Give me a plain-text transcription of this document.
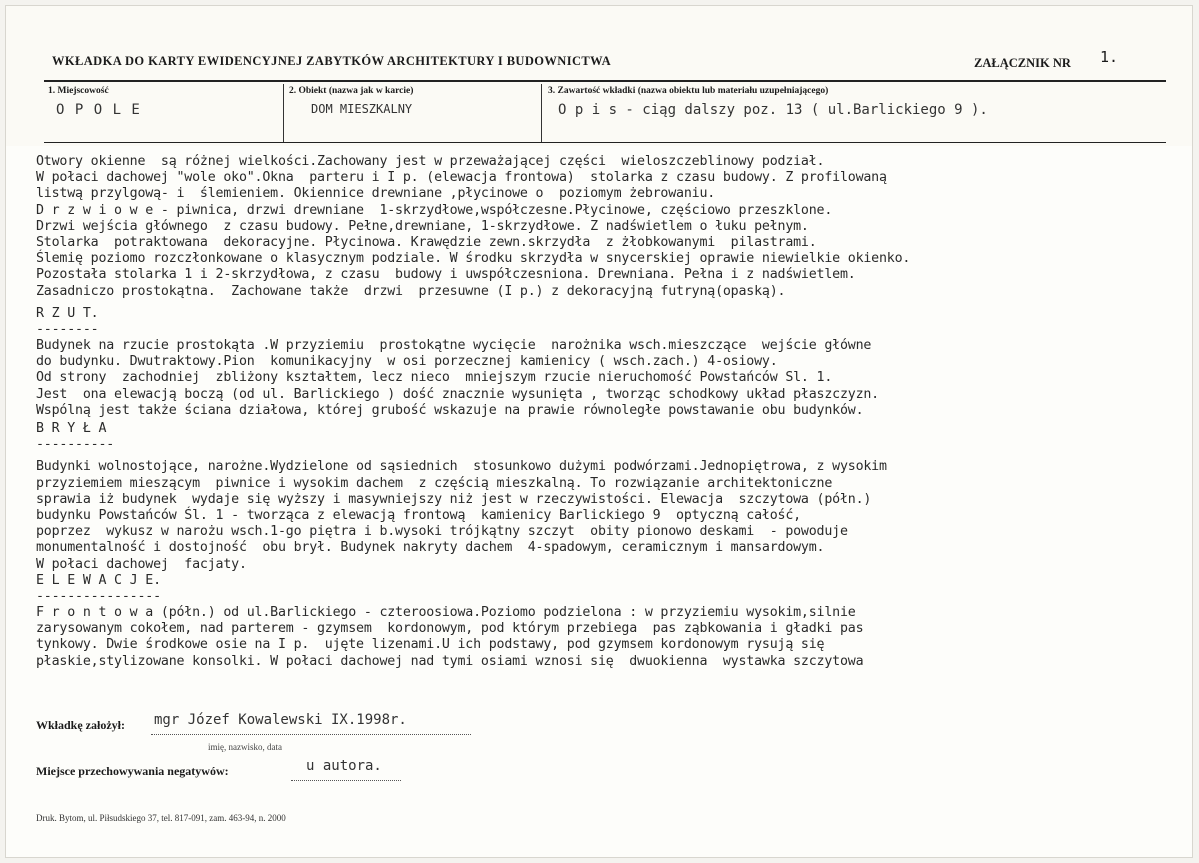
WKŁADKA DO KARTY EWIDENCYJNEJ ZABYTKÓW ARCHITEKTURY I BUDOWNICTWA	ZAŁĄCZNIK NR 1.
1. Miejscowość
O P O L E
2. Obiekt (nazwa jak w karcie)
DOM MIESZKALNY
3. Zawartość wkładki (nazwa obiektu lub materiału uzupełniającego)
O p i s - ciąg dalszy poz. 13 ( ul.Barlickiego 9 ).
Otwory okienne  są różnej wielkości.Zachowany jest w przeważającej części  wieloszczeblinowy podział.
W połaci dachowej "wole oko".Okna  parteru i I p. (elewacja frontowa)  stolarka z czasu budowy. Z profilowaną
listwą przylgową- i  ślemieniem. Okiennice drewniane ,płycinowe o  poziomym żebrowaniu.
D r z w i o w e - piwnica, drzwi drewniane  1-skrzydłowe,współczesne.Płycinowe, częściowo przeszklone.
Drzwi wejścia głównego  z czasu budowy. Pełne,drewniane, 1-skrzydłowe. Z nadświetlem o łuku pełnym.
Stolarka  potraktowana  dekoracyjne. Płycinowa. Krawędzie zewn.skrzydła  z żłobkowanymi  pilastrami.
Ślemię poziomo rozczłonkowane o klasycznym podziale. W środku skrzydła w snycerskiej oprawie niewielkie okienko.
Pozostała stolarka 1 i 2-skrzydłowa, z czasu  budowy i uwspółczesniona. Drewniana. Pełna i z nadświetlem.
Zasadniczo prostokątna.  Zachowane także  drzwi  przesuwne (I p.) z dekoracyjną futryną(opaską).
R Z U T.
--------
Budynek na rzucie prostokąta .W przyziemiu  prostokątne wycięcie  narożnika wsch.mieszczące  wejście główne
do budynku. Dwutraktowy.Pion  komunikacyjny  w osi porzecznej kamienicy ( wsch.zach.) 4-osiowy.
Od strony  zachodniej  zbliżony kształtem, lecz nieco  mniejszym rzucie nieruchomość Powstańców Sl. 1.
Jest  ona elewacją boczą (od ul. Barlickiego ) dość znacznie wysunięta , tworząc schodkowy układ płaszczyzn.
Wspólną jest także ściana działowa, której grubość wskazuje na prawie równoległe powstawanie obu budynków.
B R Y Ł A
----------
Budynki wolnostojące, narożne.Wydzielone od sąsiednich  stosunkowo dużymi podwórzami.Jednopiętrowa, z wysokim
przyziemiem mieszącym  piwnice i wysokim dachem  z częścią mieszkalną. To rozwiązanie architektoniczne
sprawia iż budynek  wydaje się wyższy i masywniejszy niż jest w rzeczywistości. Elewacja  szczytowa (półn.)
budynku Powstańców Śl. 1 - tworząca z elewacją frontową  kamienicy Barlickiego 9  optyczną całość,
poprzez  wykusz w narożu wsch.1-go piętra i b.wysoki trójkątny szczyt  obity pionowo deskami  - powoduje
monumentalność i dostojność  obu brył. Budynek nakryty dachem  4-spadowym, ceramicznym i mansardowym.
W połaci dachowej  facjaty.
E L E W A C J E.
----------------
F r o n t o w a (półn.) od ul.Barlickiego - czteroosiowa.Poziomo podzielona : w przyziemiu wysokim,silnie
zarysowanym cokołem, nad parterem - gzymsem  kordonowym, pod którym przebiega  pas ząbkowania i gładki pas
tynkowy. Dwie środkowe osie na I p.  ujęte lizenami.U ich podstawy, pod gzymsem kordonowym rysują się
płaskie,stylizowane konsolki. W połaci dachowej nad tymi osiami wznosi się  dwuokienna  wystawka szczytowa
Wkładkę założył: mgr Józef Kowalewski IX.1998r.
imię, nazwisko, data
Miejsce przechowywania negatywów:	u autora.
Druk. Bytom, ul. Piłsudskiego 37, tel. 817-091, zam. 463-94, n. 2000
